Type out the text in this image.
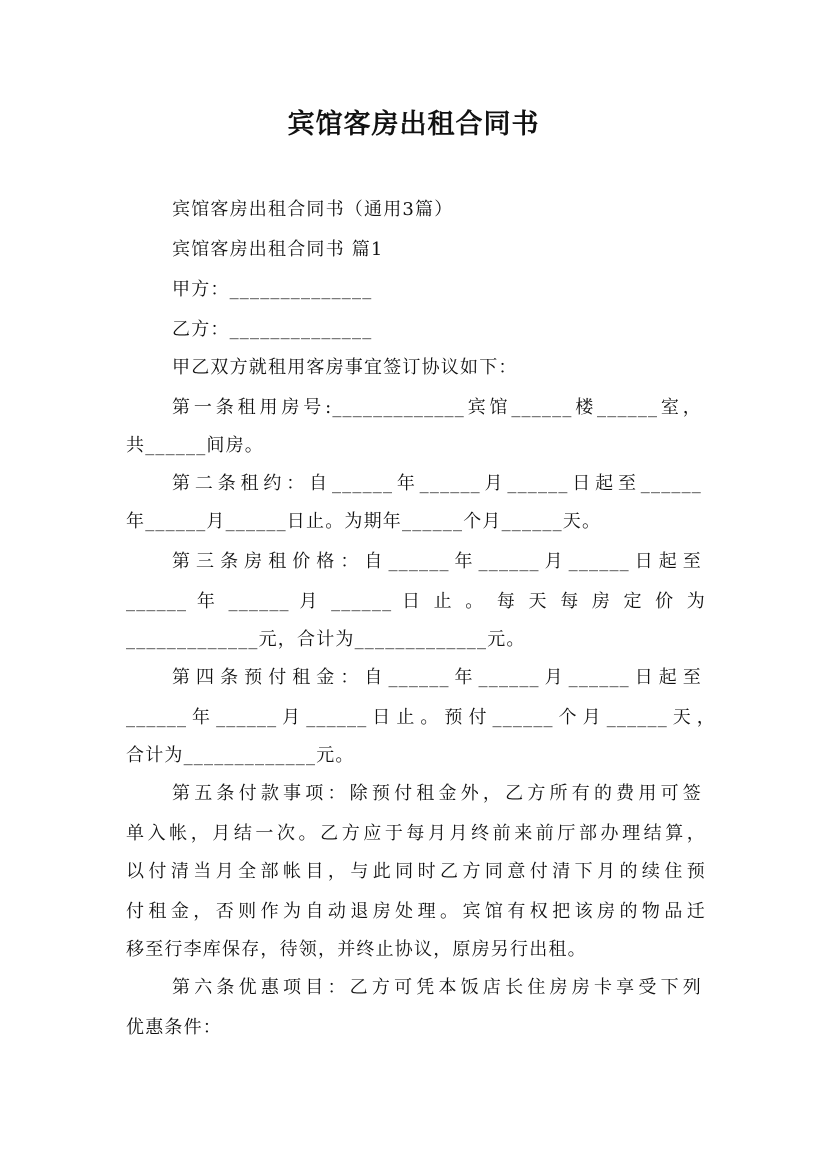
宾馆客房出租合同书
宾馆客房出租合同书（通用3篇）
宾馆客房出租合同书 篇1
甲方：______________
乙方：______________
甲乙双方就租用客房事宜签订协议如下：
第一条租用房号:_____________宾馆______楼______室，
共______间房。
第二条租约：自______年______月______日起至______
年______月______日止。为期年______个月______天。
第三条房租价格：自______年______月______日起至
______ 年 ______ 月 ______ 日 止 。 每 天 每 房 定 价 为
_____________元，合计为_____________元。
第四条预付租金：自______年______月______日起至
______年______月______日止。预付______个月______天，
合计为_____________元。
第五条付款事项：除预付租金外，乙方所有的费用可签
单入帐，月结一次。乙方应于每月月终前来前厅部办理结算，
以付清当月全部帐目，与此同时乙方同意付清下月的续住预
付租金，否则作为自动退房处理。宾馆有权把该房的物品迁
移至行李库保存，待领，并终止协议，原房另行出租。
第六条优惠项目：乙方可凭本饭店长住房房卡享受下列
优惠条件：
